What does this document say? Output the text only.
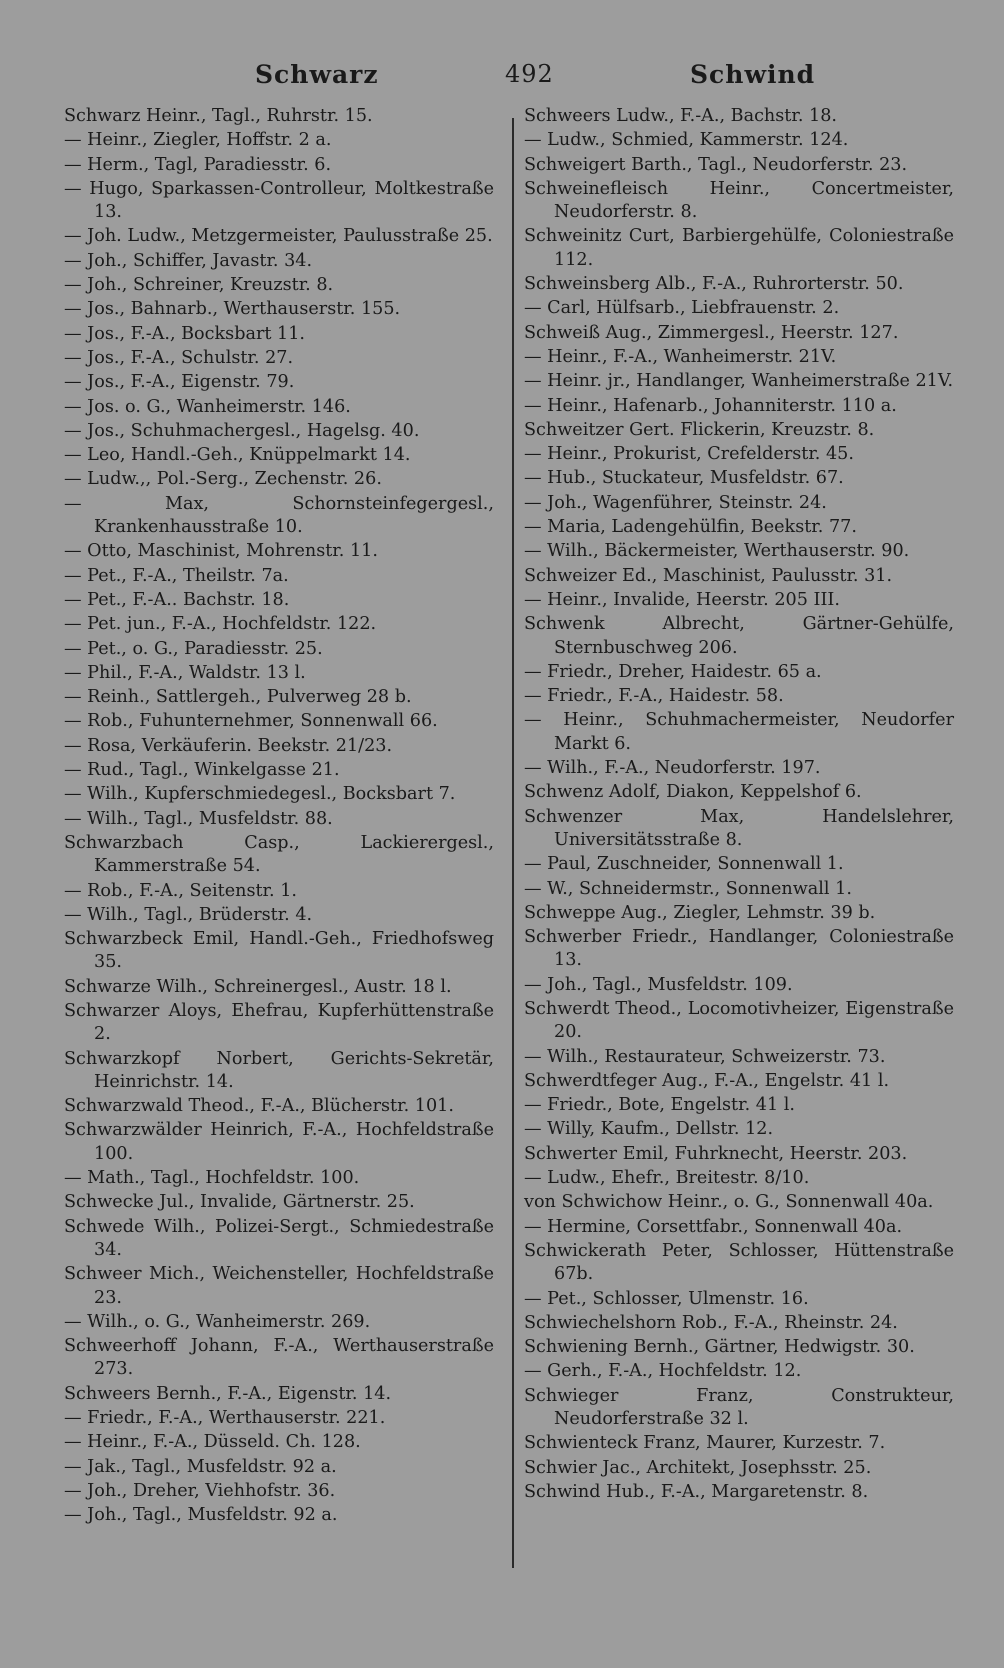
Schwarz	492	Schwind
Schwarz Heinr., Tagl., Ruhrstr. 15.
— Heinr., Ziegler, Hoffstr. 2 a.
— Herm., Tagl, Paradiesstr. 6.
— Hugo, Sparkassen-Controlleur, Moltkestraße 13.
— Joh. Ludw., Metzgermeister, Paulusstraße 25.
— Joh., Schiffer, Javastr. 34.
— Joh., Schreiner, Kreuzstr. 8.
— Jos., Bahnarb., Werthauserstr. 155.
— Jos., F.-A., Bocksbart 11.
— Jos., F.-A., Schulstr. 27.
— Jos., F.-A., Eigenstr. 79.
— Jos. o. G., Wanheimerstr. 146.
— Jos., Schuhmachergesl., Hagelsg. 40.
— Leo, Handl.-Geh., Knüppelmarkt 14.
— Ludw.,, Pol.-Serg., Zechenstr. 26.
— Max, Schornsteinfegergesl., Krankenhausstraße 10.
— Otto, Maschinist, Mohrenstr. 11.
— Pet., F.-A., Theilstr. 7a.
— Pet., F.-A.. Bachstr. 18.
— Pet. jun., F.-A., Hochfeldstr. 122.
— Pet., o. G., Paradiesstr. 25.
— Phil., F.-A., Waldstr. 13 l.
— Reinh., Sattlergeh., Pulverweg 28 b.
— Rob., Fuhunternehmer, Sonnenwall 66.
— Rosa, Verkäuferin. Beekstr. 21/23.
— Rud., Tagl., Winkelgasse 21.
— Wilh., Kupferschmiedegesl., Bocksbart 7.
— Wilh., Tagl., Musfeldstr. 88.
Schwarzbach Casp., Lackierergesl., Kammerstraße 54.
— Rob., F.-A., Seitenstr. 1.
— Wilh., Tagl., Brüderstr. 4.
Schwarzbeck Emil, Handl.-Geh., Friedhofsweg 35.
Schwarze Wilh., Schreinergesl., Austr. 18 l.
Schwarzer Aloys, Ehefrau, Kupferhüttenstraße 2.
Schwarzkopf Norbert, Gerichts-Sekretär, Heinrichstr. 14.
Schwarzwald Theod., F.-A., Blücherstr. 101.
Schwarzwälder Heinrich, F.-A., Hochfeldstraße 100.
— Math., Tagl., Hochfeldstr. 100.
Schwecke Jul., Invalide, Gärtnerstr. 25.
Schwede Wilh., Polizei-Sergt., Schmiedestraße 34.
Schweer Mich., Weichensteller, Hochfeldstraße 23.
— Wilh., o. G., Wanheimerstr. 269.
Schweerhoff Johann, F.-A., Werthauserstraße 273.
Schweers Bernh., F.-A., Eigenstr. 14.
— Friedr., F.-A., Werthauserstr. 221.
— Heinr., F.-A., Düsseld. Ch. 128.
— Jak., Tagl., Musfeldstr. 92 a.
— Joh., Dreher, Viehhofstr. 36.
— Joh., Tagl., Musfeldstr. 92 a.
Schweers Ludw., F.-A., Bachstr. 18.
— Ludw., Schmied, Kammerstr. 124.
Schweigert Barth., Tagl., Neudorferstr. 23.
Schweinefleisch Heinr., Concertmeister, Neudorferstr. 8.
Schweinitz Curt, Barbiergehülfe, Coloniestraße 112.
Schweinsberg Alb., F.-A., Ruhrorterstr. 50.
— Carl, Hülfsarb., Liebfrauenstr. 2.
Schweiß Aug., Zimmergesl., Heerstr. 127.
— Heinr., F.-A., Wanheimerstr. 21V.
— Heinr. jr., Handlanger, Wanheimerstraße 21V.
— Heinr., Hafenarb., Johanniterstr. 110 a.
Schweitzer Gert. Flickerin, Kreuzstr. 8.
— Heinr., Prokurist, Crefelderstr. 45.
— Hub., Stuckateur, Musfeldstr. 67.
— Joh., Wagenführer, Steinstr. 24.
— Maria, Ladengehülfin, Beekstr. 77.
— Wilh., Bäckermeister, Werthauserstr. 90.
Schweizer Ed., Maschinist, Paulusstr. 31.
— Heinr., Invalide, Heerstr. 205 III.
Schwenk Albrecht, Gärtner-Gehülfe, Sternbuschweg 206.
— Friedr., Dreher, Haidestr. 65 a.
— Friedr., F.-A., Haidestr. 58.
— Heinr., Schuhmachermeister, Neudorfer Markt 6.
— Wilh., F.-A., Neudorferstr. 197.
Schwenz Adolf, Diakon, Keppelshof 6.
Schwenzer Max, Handelslehrer, Universitätsstraße 8.
— Paul, Zuschneider, Sonnenwall 1.
— W., Schneidermstr., Sonnenwall 1.
Schweppe Aug., Ziegler, Lehmstr. 39 b.
Schwerber Friedr., Handlanger, Coloniestraße 13.
— Joh., Tagl., Musfeldstr. 109.
Schwerdt Theod., Locomotivheizer, Eigenstraße 20.
— Wilh., Restaurateur, Schweizerstr. 73.
Schwerdtfeger Aug., F.-A., Engelstr. 41 l.
— Friedr., Bote, Engelstr. 41 l.
— Willy, Kaufm., Dellstr. 12.
Schwerter Emil, Fuhrknecht, Heerstr. 203.
— Ludw., Ehefr., Breitestr. 8/10.
von Schwichow Heinr., o. G., Sonnenwall 40a.
— Hermine, Corsettfabr., Sonnenwall 40a.
Schwickerath Peter, Schlosser, Hüttenstraße 67b.
— Pet., Schlosser, Ulmenstr. 16.
Schwiechelshorn Rob., F.-A., Rheinstr. 24.
Schwiening Bernh., Gärtner, Hedwigstr. 30.
— Gerh., F.-A., Hochfeldstr. 12.
Schwieger Franz, Construkteur, Neudorferstraße 32 l.
Schwienteck Franz, Maurer, Kurzestr. 7.
Schwier Jac., Architekt, Josephsstr. 25.
Schwind Hub., F.-A., Margaretenstr. 8.
